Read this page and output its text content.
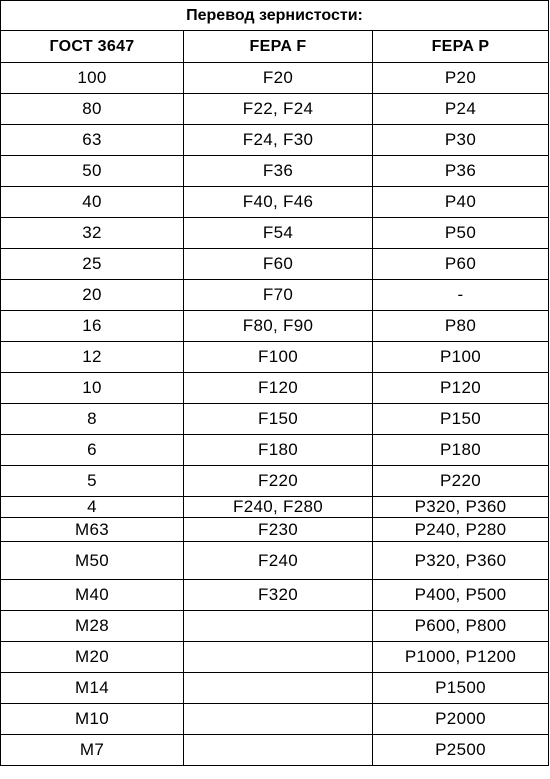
Перевод зернистости:		
ГОСТ 3647	FEPA F	FEPA P
100	F20	P20
80	F22, F24	P24
63	F24, F30	P30
50	F36	P36
40	F40, F46	P40
32	F54	P50
25	F60	P60
20	F70	-
16	F80, F90	P80
12	F100	P100
10	F120	P120
8	F150	P150
6	F180	P180
5	F220	P220
4	F240, F280	P320, P360
M63	F230	P240, P280
M50	F240	P320, P360
M40	F320	P400, P500
M28		P600, P800
M20		P1000, P1200
M14		P1500
M10		P2000
M7		P2500
